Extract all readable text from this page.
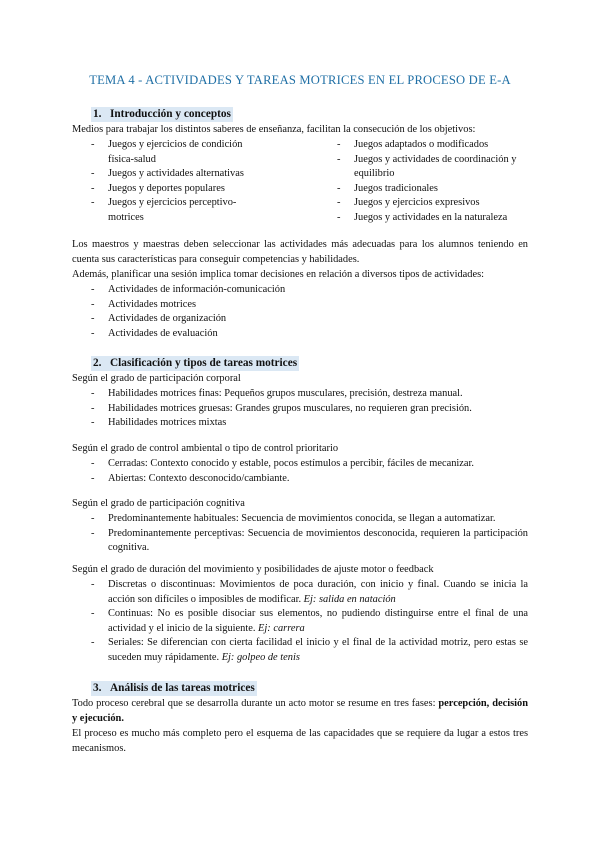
TEMA 4 - ACTIVIDADES Y TAREAS MOTRICES EN EL PROCESO DE E-A
1. Introducción y conceptos
Medios para trabajar los distintos saberes de enseñanza, facilitan la consecución de los objetivos:
- Juegos y ejercicios de condición física-salud
- Juegos y actividades alternativas
- Juegos y deportes populares
- Juegos y ejercicios perceptivo-motrices
- Juegos adaptados o modificados
- Juegos y actividades de coordinación y equilibrio
- Juegos tradicionales
- Juegos y ejercicios expresivos
- Juegos y actividades en la naturaleza
Los maestros y maestras deben seleccionar las actividades más adecuadas para los alumnos teniendo en cuenta sus características para conseguir competencias y habilidades.
Además, planificar una sesión implica tomar decisiones en relación a diversos tipos de actividades:
- Actividades de información-comunicación
- Actividades motrices
- Actividades de organización
- Actividades de evaluación
2. Clasificación y tipos de tareas motrices
Según el grado de participación corporal
- Habilidades motrices finas: Pequeños grupos musculares, precisión, destreza manual.
- Habilidades motrices gruesas: Grandes grupos musculares, no requieren gran precisión.
- Habilidades motrices mixtas
Según el grado de control ambiental o tipo de control prioritario
- Cerradas: Contexto conocido y estable, pocos estímulos a percibir, fáciles de mecanizar.
- Abiertas: Contexto desconocido/cambiante.
Según el grado de participación cognitiva
- Predominantemente habituales: Secuencia de movimientos conocida, se llegan a automatizar.
- Predominantemente perceptivas: Secuencia de movimientos desconocida, requieren la participación cognitiva.
Según el grado de duración del movimiento y posibilidades de ajuste motor o feedback
- Discretas o discontinuas: Movimientos de poca duración, con inicio y final. Cuando se inicia la acción son difíciles o imposibles de modificar. Ej: salida en natación
- Continuas: No es posible disociar sus elementos, no pudiendo distinguirse entre el final de una actividad y el inicio de la siguiente. Ej: carrera
- Seriales: Se diferencian con cierta facilidad el inicio y el final de la actividad motriz, pero estas se suceden muy rápidamente. Ej: golpeo de tenis
3. Análisis de las tareas motrices
Todo proceso cerebral que se desarrolla durante un acto motor se resume en tres fases: percepción, decisión y ejecución.
El proceso es mucho más completo pero el esquema de las capacidades que se requiere da lugar a estos tres mecanismos.
